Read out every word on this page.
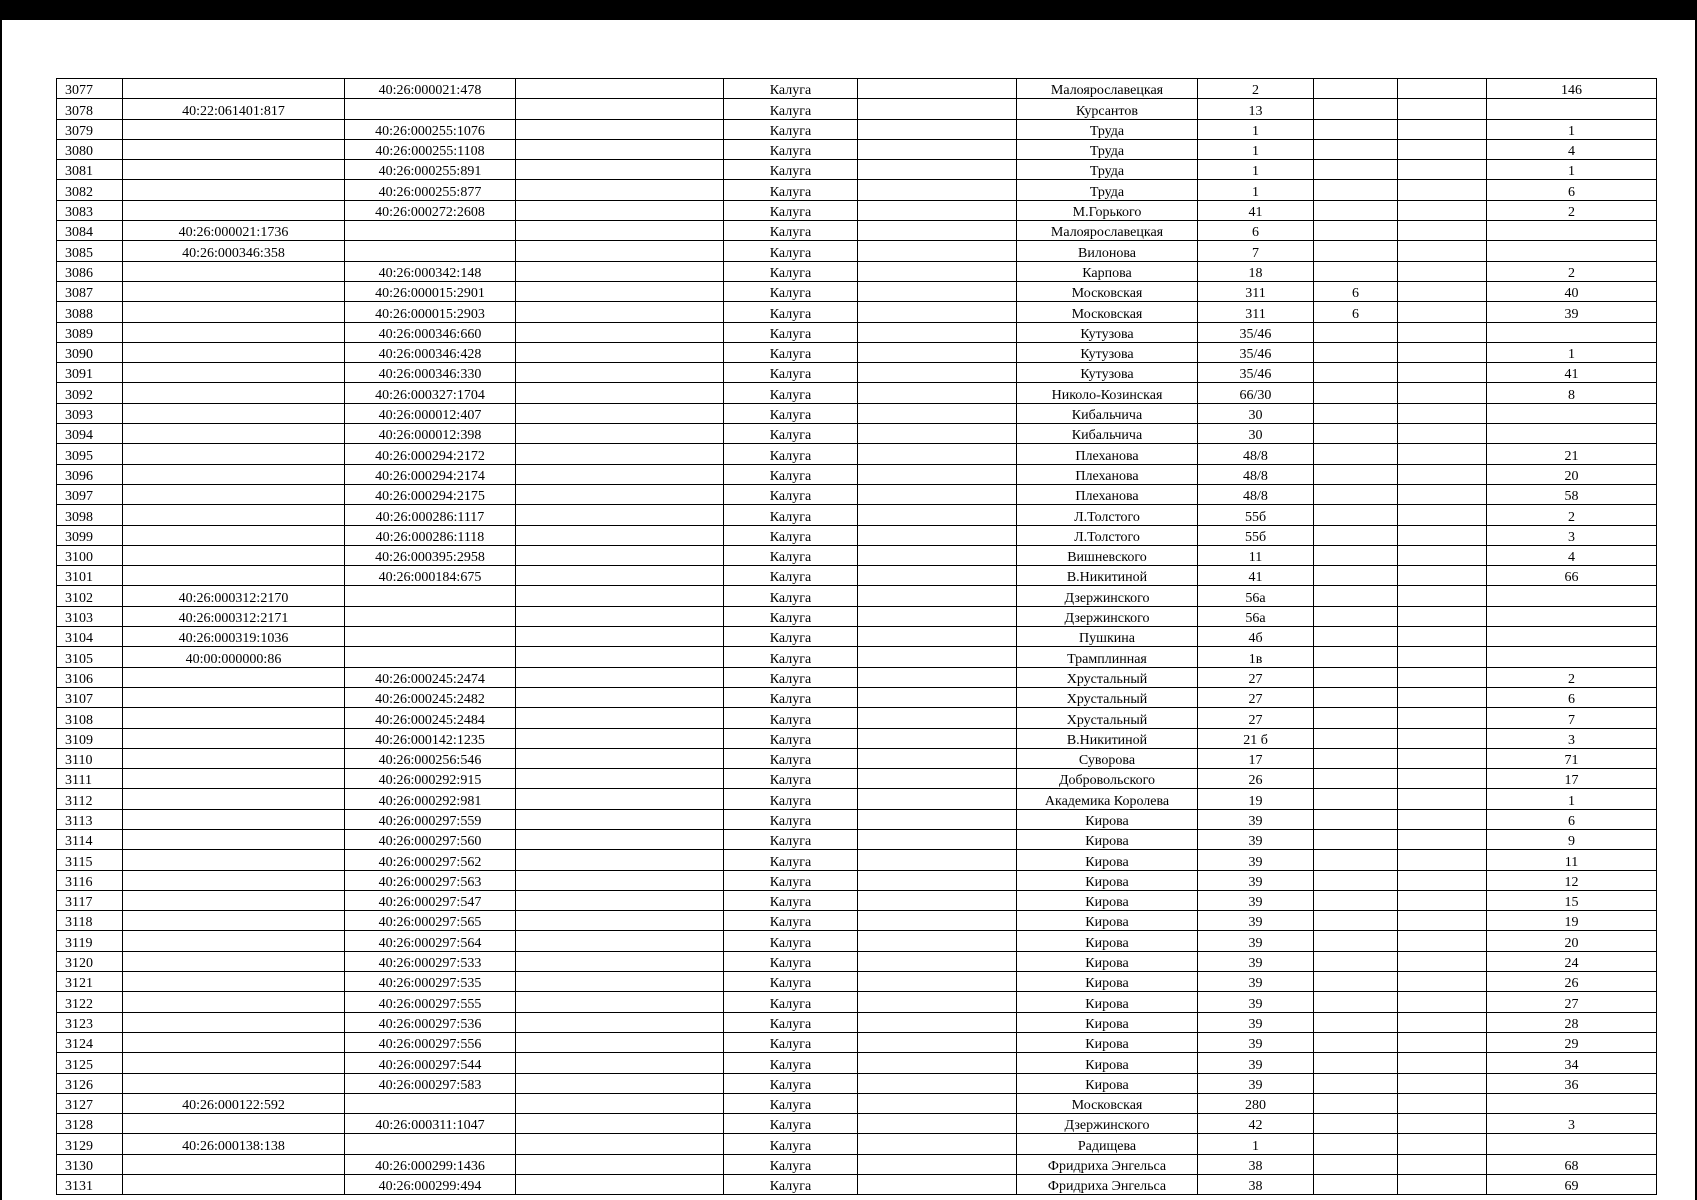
3077		40:26:000021:478		Калуга		Малоярославецкая	2			146
3078	40:22:061401:817			Калуга		Курсантов	13			
3079		40:26:000255:1076		Калуга		Труда	1			1
3080		40:26:000255:1108		Калуга		Труда	1			4
3081		40:26:000255:891		Калуга		Труда	1			1
3082		40:26:000255:877		Калуга		Труда	1			6
3083		40:26:000272:2608		Калуга		М.Горького	41			2
3084	40:26:000021:1736			Калуга		Малоярославецкая	6			
3085	40:26:000346:358			Калуга		Вилонова	7			
3086		40:26:000342:148		Калуга		Карпова	18			2
3087		40:26:000015:2901		Калуга		Московская	311	6		40
3088		40:26:000015:2903		Калуга		Московская	311	6		39
3089		40:26:000346:660		Калуга		Кутузова	35/46			
3090		40:26:000346:428		Калуга		Кутузова	35/46			1
3091		40:26:000346:330		Калуга		Кутузова	35/46			41
3092		40:26:000327:1704		Калуга		Николо-Козинская	66/30			8
3093		40:26:000012:407		Калуга		Кибальчича	30			
3094		40:26:000012:398		Калуга		Кибальчича	30			
3095		40:26:000294:2172		Калуга		Плеханова	48/8			21
3096		40:26:000294:2174		Калуга		Плеханова	48/8			20
3097		40:26:000294:2175		Калуга		Плеханова	48/8			58
3098		40:26:000286:1117		Калуга		Л.Толстого	55б			2
3099		40:26:000286:1118		Калуга		Л.Толстого	55б			3
3100		40:26:000395:2958		Калуга		Вишневского	11			4
3101		40:26:000184:675		Калуга		В.Никитиной	41			66
3102	40:26:000312:2170			Калуга		Дзержинского	56а			
3103	40:26:000312:2171			Калуга		Дзержинского	56а			
3104	40:26:000319:1036			Калуга		Пушкина	4б			
3105	40:00:000000:86			Калуга		Трамплинная	1в			
3106		40:26:000245:2474		Калуга		Хрустальный	27			2
3107		40:26:000245:2482		Калуга		Хрустальный	27			6
3108		40:26:000245:2484		Калуга		Хрустальный	27			7
3109		40:26:000142:1235		Калуга		В.Никитиной	21 б			3
3110		40:26:000256:546		Калуга		Суворова	17			71
3111		40:26:000292:915		Калуга		Добровольского	26			17
3112		40:26:000292:981		Калуга		Академика Королева	19			1
3113		40:26:000297:559		Калуга		Кирова	39			6
3114		40:26:000297:560		Калуга		Кирова	39			9
3115		40:26:000297:562		Калуга		Кирова	39			11
3116		40:26:000297:563		Калуга		Кирова	39			12
3117		40:26:000297:547		Калуга		Кирова	39			15
3118		40:26:000297:565		Калуга		Кирова	39			19
3119		40:26:000297:564		Калуга		Кирова	39			20
3120		40:26:000297:533		Калуга		Кирова	39			24
3121		40:26:000297:535		Калуга		Кирова	39			26
3122		40:26:000297:555		Калуга		Кирова	39			27
3123		40:26:000297:536		Калуга		Кирова	39			28
3124		40:26:000297:556		Калуга		Кирова	39			29
3125		40:26:000297:544		Калуга		Кирова	39			34
3126		40:26:000297:583		Калуга		Кирова	39			36
3127	40:26:000122:592			Калуга		Московская	280			
3128		40:26:000311:1047		Калуга		Дзержинского	42			3
3129	40:26:000138:138			Калуга		Радищева	1			
3130		40:26:000299:1436		Калуга		Фридриха Энгельса	38			68
3131		40:26:000299:494		Калуга		Фридриха Энгельса	38			69
